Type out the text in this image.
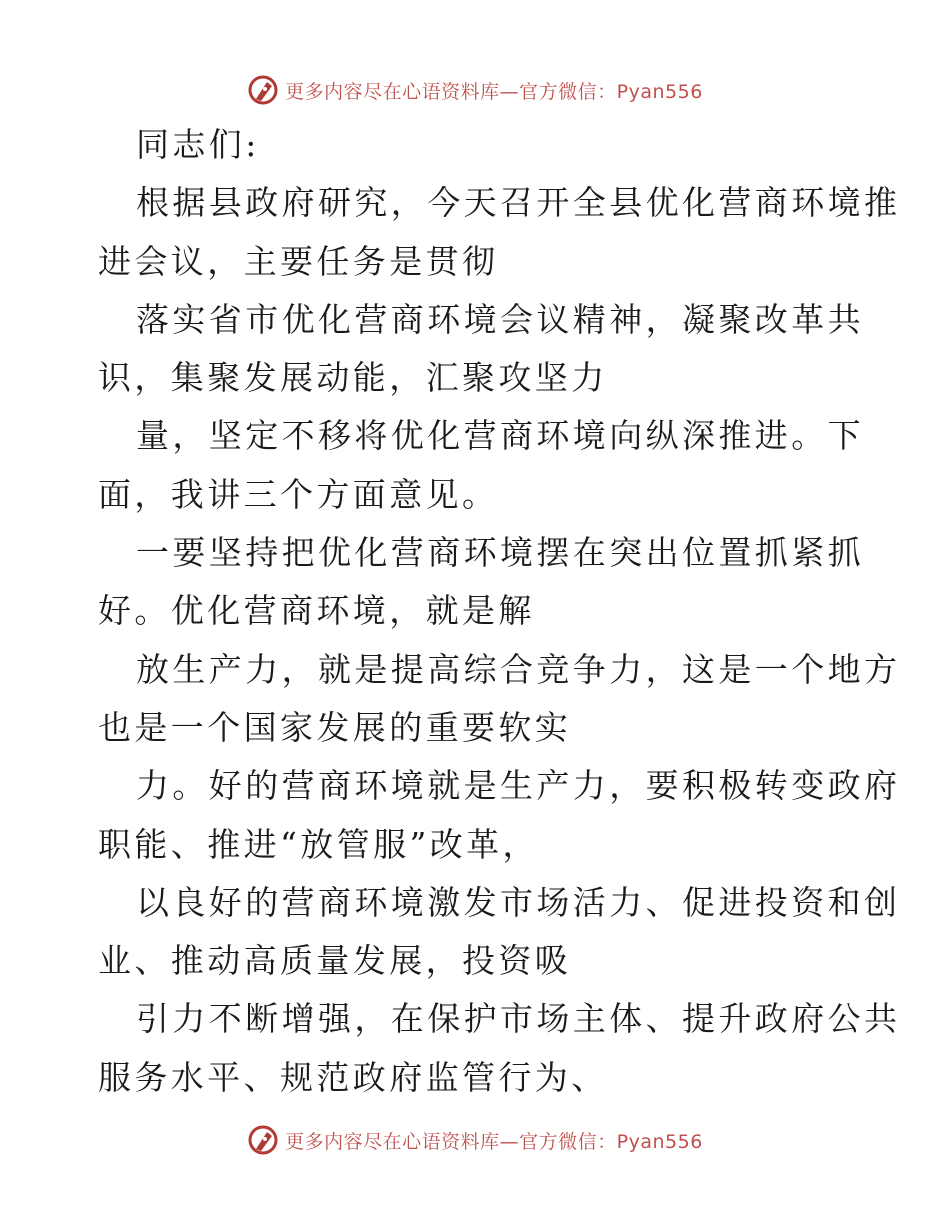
更多内容尽在心语资料库—官方微信：Pyan556
同志们:
根据县政府研究，今天召开全县优化营商环境推
进会议，主要任务是贯彻
落实省市优化营商环境会议精神，凝聚改革共
识，集聚发展动能，汇聚攻坚力
量，坚定不移将优化营商环境向纵深推进。下
面，我讲三个方面意见。
一要坚持把优化营商环境摆在突出位置抓紧抓
好。优化营商环境，就是解
放生产力，就是提高综合竞争力，这是一个地方
也是一个国家发展的重要软实
力。好的营商环境就是生产力，要积极转变政府
职能、推进“放管服”改革，
以良好的营商环境激发市场活力、促进投资和创
业、推动高质量发展，投资吸
引力不断增强，在保护市场主体、提升政府公共
服务水平、规范政府监管行为、
更多内容尽在心语资料库—官方微信：Pyan556
